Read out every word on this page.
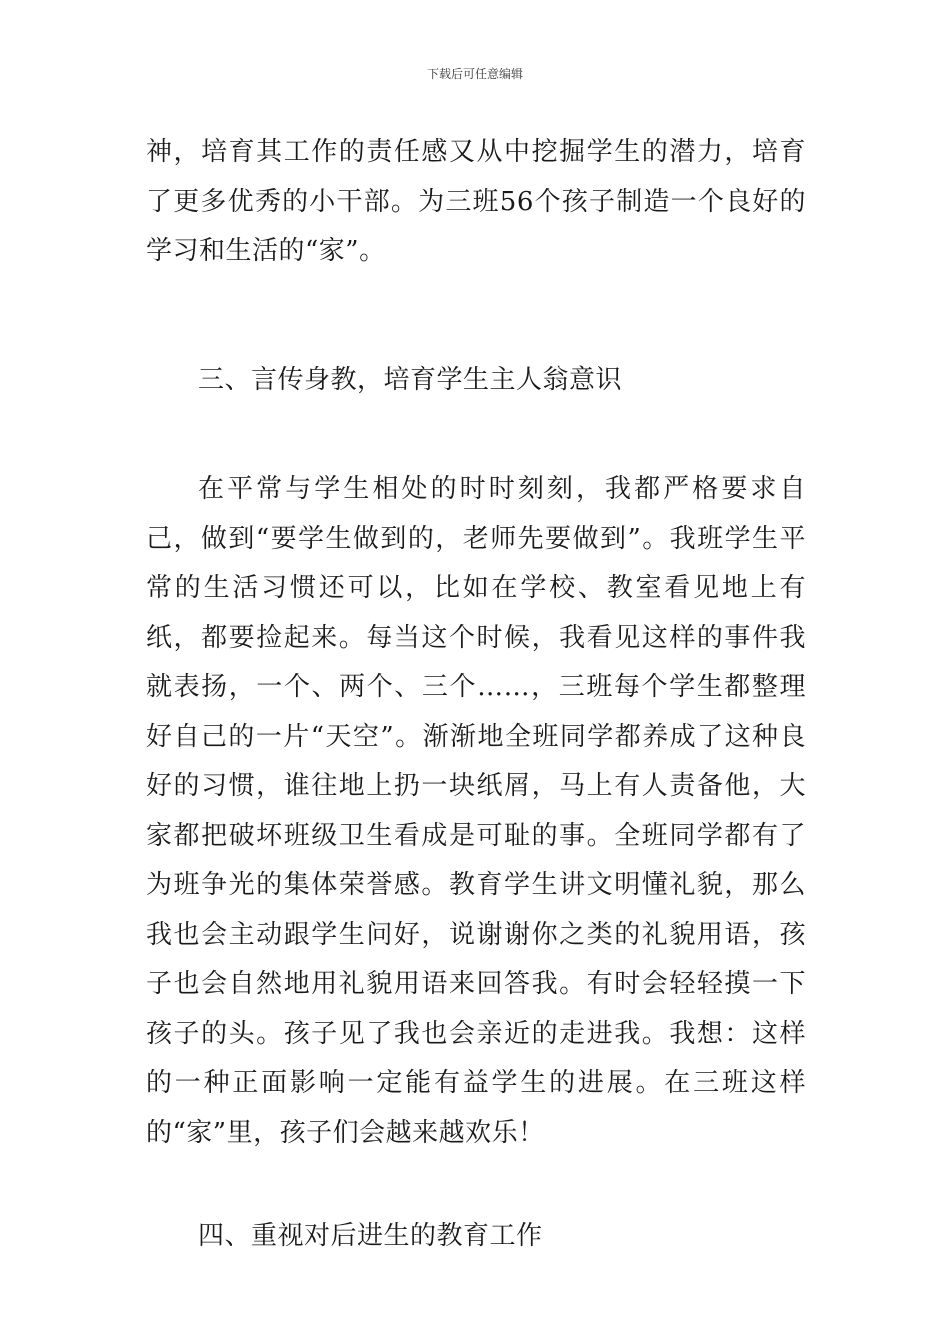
下载后可任意编辑

神，培育其工作的责任感又从中挖掘学生的潜力，培育了更多优秀的小干部。为三班56个孩子制造一个良好的学习和生活的“家”。

三、言传身教，培育学生主人翁意识

在平常与学生相处的时时刻刻，我都严格要求自己，做到“要学生做到的，老师先要做到”。我班学生平常的生活习惯还可以，比如在学校、教室看见地上有纸，都要捡起来。每当这个时候，我看见这样的事件我就表扬，一个、两个、三个……，三班每个学生都整理好自己的一片“天空”。渐渐地全班同学都养成了这种良好的习惯，谁往地上扔一块纸屑，马上有人责备他，大家都把破坏班级卫生看成是可耻的事。全班同学都有了为班争光的集体荣誉感。教育学生讲文明懂礼貌，那么我也会主动跟学生问好，说谢谢你之类的礼貌用语，孩子也会自然地用礼貌用语来回答我。有时会轻轻摸一下孩子的头。孩子见了我也会亲近的走进我。我想：这样的一种正面影响一定能有益学生的进展。在三班这样的“家”里，孩子们会越来越欢乐！

四、重视对后进生的教育工作
